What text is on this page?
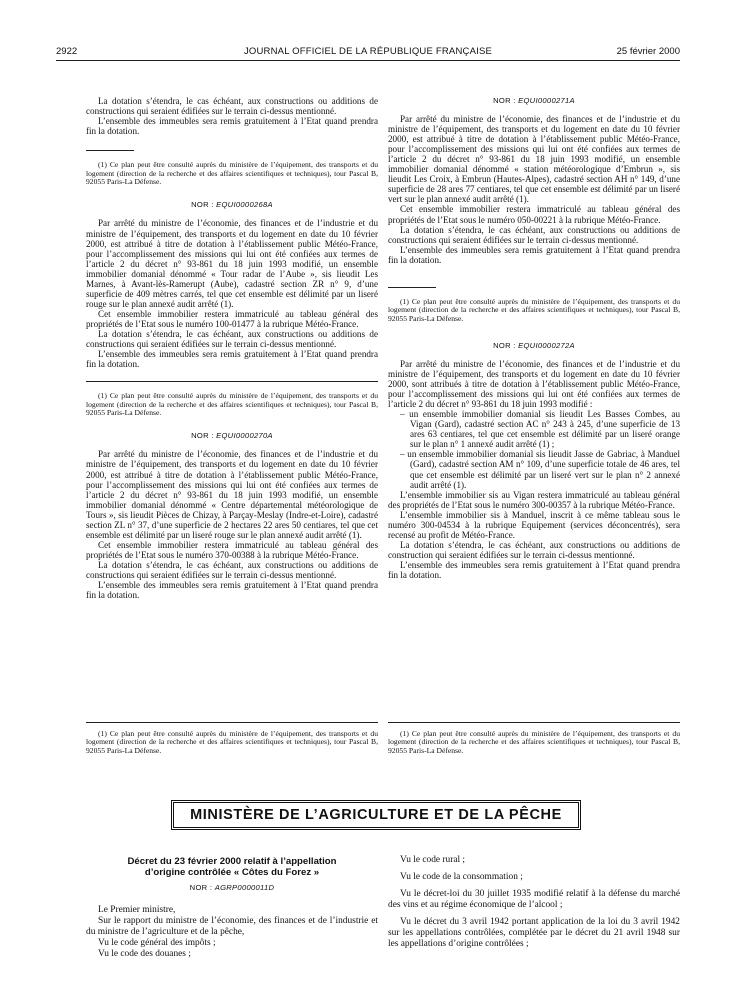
2922	JOURNAL OFFICIEL DE LA RÉPUBLIQUE FRANÇAISE	25 février 2000

La dotation s’étendra, le cas échéant, aux constructions ou additions de constructions qui seraient édifiées sur le terrain ci-dessus mentionné.

L’ensemble des immeubles sera remis gratuitement à l’Etat quand prendra fin la dotation.

(1) Ce plan peut être consulté auprès du ministère de l’équipement, des transports et du logement (direction de la recherche et des affaires scientifiques et techniques), tour Pascal B, 92055 Paris-La Défense.

NOR : EQUI0000268A

Par arrêté du ministre de l’économie, des finances et de l’industrie et du ministre de l’équipement, des transports et du logement en date du 10 février 2000, est attribué à titre de dotation à l’établissement public Météo-France, pour l’accomplissement des missions qui lui ont été confiées aux termes de l’article 2 du décret n° 93-861 du 18 juin 1993 modifié, un ensemble immobilier domanial dénommé « Tour radar de l’Aube », sis lieudit Les Marnes, à Avant-lès-Ramerupt (Aube), cadastré section ZR n° 9, d’une superficie de 409 mètres carrés, tel que cet ensemble est délimité par un liseré rouge sur le plan annexé audit arrêté (1).

Cet ensemble immobilier restera immatriculé au tableau général des propriétés de l’Etat sous le numéro 100-01477 à la rubrique Météo-France.

La dotation s’étendra, le cas échéant, aux constructions ou additions de constructions qui seraient édifiées sur le terrain ci-dessus mentionné.

L’ensemble des immeubles sera remis gratuitement à l’Etat quand prendra fin la dotation.

(1) Ce plan peut être consulté auprès du ministère de l’équipement, des transports et du logement (direction de la recherche et des affaires scientifiques et techniques), tour Pascal B, 92055 Paris-La Défense.

NOR : EQUI0000270A

Par arrêté du ministre de l’économie, des finances et de l’industrie et du ministre de l’équipement, des transports et du logement en date du 10 février 2000, est attribué à titre de dotation à l’établissement public Météo-France, pour l’accomplissement des missions qui lui ont été confiées aux termes de l’article 2 du décret n° 93-861 du 18 juin 1993 modifié, un ensemble immobilier domanial dénommé « Centre départemental météorologique de Tours », sis lieudit Pièces de Chizay, à Parçay-Meslay (Indre-et-Loire), cadastré section ZL n° 37, d’une superficie de 2 hectares 22 ares 50 centiares, tel que cet ensemble est délimité par un liseré rouge sur le plan annexé audit arrêté (1).

Cet ensemble immobilier restera immatriculé au tableau général des propriétés de l’Etat sous le numéro 370-00388 à la rubrique Météo-France.

La dotation s’étendra, le cas échéant, aux constructions ou additions de constructions qui seraient édifiées sur le terrain ci-dessus mentionné.

L’ensemble des immeubles sera remis gratuitement à l’Etat quand prendra fin la dotation.

(1) Ce plan peut être consulté auprès du ministère de l’équipement, des transports et du logement (direction de la recherche et des affaires scientifiques et techniques), tour Pascal B, 92055 Paris-La Défense.

NOR : EQUI0000271A

Par arrêté du ministre de l’économie, des finances et de l’industrie et du ministre de l’équipement, des transports et du logement en date du 10 février 2000, est attribué à titre de dotation à l’établissement public Météo-France, pour l’accomplissement des missions qui lui ont été confiées aux termes de l’article 2 du décret n° 93-861 du 18 juin 1993 modifié, un ensemble immobilier domanial dénommé « station météorologique d’Embrun », sis lieudit Les Croix, à Embrun (Hautes-Alpes), cadastré section AH n° 149, d’une superficie de 28 ares 77 centiares, tel que cet ensemble est délimité par un liseré vert sur le plan annexé audit arrêté (1).

Cet ensemble immobilier restera immatriculé au tableau général des propriétés de l’Etat sous le numéro 050-00221 à la rubrique Météo-France.

La dotation s’étendra, le cas échéant, aux constructions ou additions de constructions qui seraient édifiées sur le terrain ci-dessus mentionné.

L’ensemble des immeubles sera remis gratuitement à l’Etat quand prendra fin la dotation.

(1) Ce plan peut être consulté auprès du ministère de l’équipement, des transports et du logement (direction de la recherche et des affaires scientifiques et techniques), tour Pascal B, 92055 Paris-La Défense.

NOR : EQUI0000272A

Par arrêté du ministre de l’économie, des finances et de l’industrie et du ministre de l’équipement, des transports et du logement en date du 10 février 2000, sont attribués à titre de dotation à l’établissement public Météo-France, pour l’accomplissement des missions qui lui ont été confiées aux termes de l’article 2 du décret n° 93-861 du 18 juin 1993 modifié :

– un ensemble immobilier domanial sis lieudit Les Basses Combes, au Vigan (Gard), cadastré section AC n° 243 à 245, d’une superficie de 13 ares 63 centiares, tel que cet ensemble est délimité par un liseré orange sur le plan n° 1 annexé audit arrêté (1) ;

– un ensemble immobilier domanial sis lieudit Jasse de Gabriac, à Manduel (Gard), cadastré section AM n° 109, d’une superficie totale de 46 ares, tel que cet ensemble est délimité par un liseré vert sur le plan n° 2 annexé audit arrêté (1).

L’ensemble immobilier sis au Vigan restera immatriculé au tableau général des propriétés de l’Etat sous le numéro 300-00357 à la rubrique Météo-France.

L’ensemble immobilier sis à Manduel, inscrit à ce même tableau sous le numéro 300-04534 à la rubrique Equipement (services déconcentrés), sera recensé au profit de Météo-France.

La dotation s’étendra, le cas échéant, aux constructions ou additions de construction qui seraient édifiées sur le terrain ci-dessus mentionné.

L’ensemble des immeubles sera remis gratuitement à l’Etat quand prendra fin la dotation.

(1) Ce plan peut être consulté auprès du ministère de l’équipement, des transports et du logement (direction de la recherche et des affaires scientifiques et techniques), tour Pascal B, 92055 Paris-La Défense.

MINISTÈRE DE L’AGRICULTURE ET DE LA PÊCHE
Décret du 23 février 2000 relatif à l’appellation
d’origine contrôlée « Côtes du Forez »
NOR : AGRP0000011D

Le Premier ministre,

Sur le rapport du ministre de l’économie, des finances et de l’industrie et du ministre de l’agriculture et de la pêche,

Vu le code général des impôts ;

Vu le code des douanes ;

Vu le code rural ;

Vu le code de la consommation ;

Vu le décret-loi du 30 juillet 1935 modifié relatif à la défense du marché des vins et au régime économique de l’alcool ;

Vu le décret du 3 avril 1942 portant application de la loi du 3 avril 1942 sur les appellations contrôlées, complétée par le décret du 21 avril 1948 sur les appellations d’origine contrôlées ;
